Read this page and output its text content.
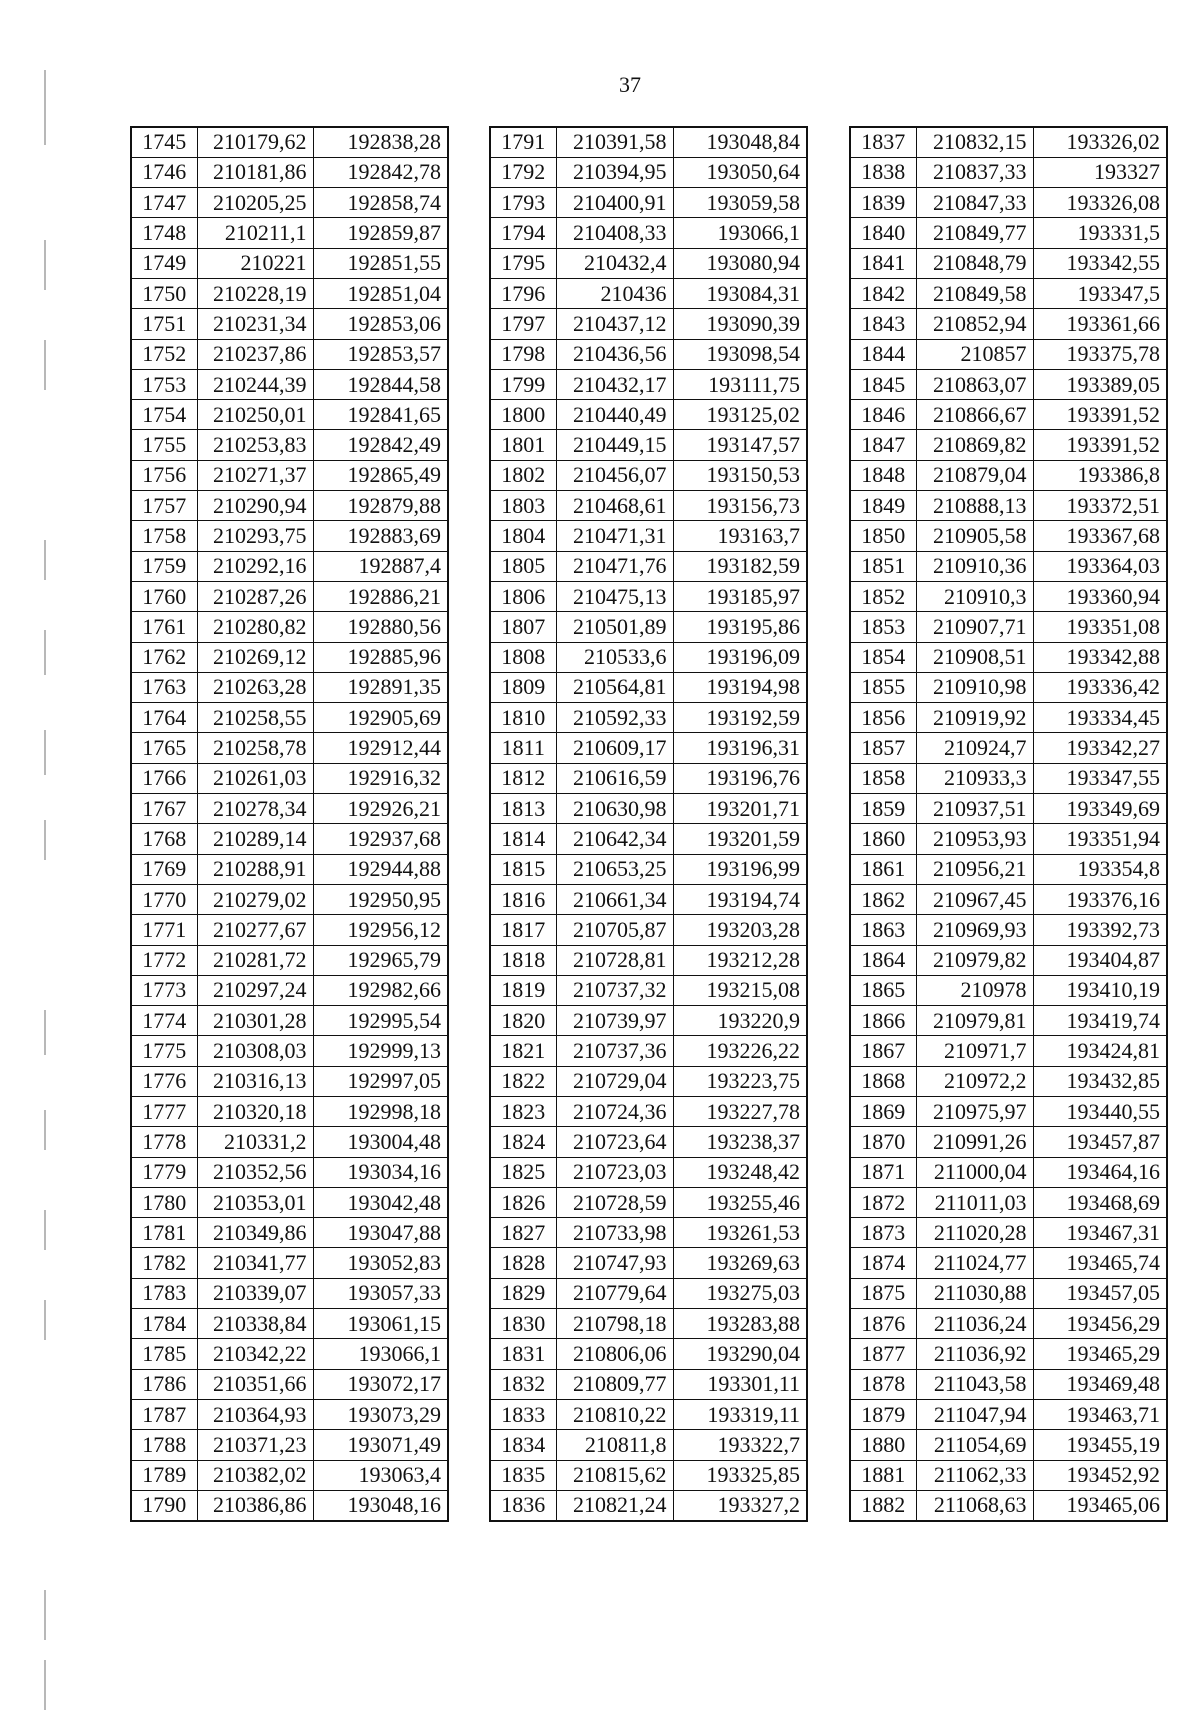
37
1745	210179,62	192838,28
1746	210181,86	192842,78
1747	210205,25	192858,74
1748	210211,1	192859,87
1749	210221	192851,55
1750	210228,19	192851,04
1751	210231,34	192853,06
1752	210237,86	192853,57
1753	210244,39	192844,58
1754	210250,01	192841,65
1755	210253,83	192842,49
1756	210271,37	192865,49
1757	210290,94	192879,88
1758	210293,75	192883,69
1759	210292,16	192887,4
1760	210287,26	192886,21
1761	210280,82	192880,56
1762	210269,12	192885,96
1763	210263,28	192891,35
1764	210258,55	192905,69
1765	210258,78	192912,44
1766	210261,03	192916,32
1767	210278,34	192926,21
1768	210289,14	192937,68
1769	210288,91	192944,88
1770	210279,02	192950,95
1771	210277,67	192956,12
1772	210281,72	192965,79
1773	210297,24	192982,66
1774	210301,28	192995,54
1775	210308,03	192999,13
1776	210316,13	192997,05
1777	210320,18	192998,18
1778	210331,2	193004,48
1779	210352,56	193034,16
1780	210353,01	193042,48
1781	210349,86	193047,88
1782	210341,77	193052,83
1783	210339,07	193057,33
1784	210338,84	193061,15
1785	210342,22	193066,1
1786	210351,66	193072,17
1787	210364,93	193073,29
1788	210371,23	193071,49
1789	210382,02	193063,4
1790	210386,86	193048,16
1791	210391,58	193048,84
1792	210394,95	193050,64
1793	210400,91	193059,58
1794	210408,33	193066,1
1795	210432,4	193080,94
1796	210436	193084,31
1797	210437,12	193090,39
1798	210436,56	193098,54
1799	210432,17	193111,75
1800	210440,49	193125,02
1801	210449,15	193147,57
1802	210456,07	193150,53
1803	210468,61	193156,73
1804	210471,31	193163,7
1805	210471,76	193182,59
1806	210475,13	193185,97
1807	210501,89	193195,86
1808	210533,6	193196,09
1809	210564,81	193194,98
1810	210592,33	193192,59
1811	210609,17	193196,31
1812	210616,59	193196,76
1813	210630,98	193201,71
1814	210642,34	193201,59
1815	210653,25	193196,99
1816	210661,34	193194,74
1817	210705,87	193203,28
1818	210728,81	193212,28
1819	210737,32	193215,08
1820	210739,97	193220,9
1821	210737,36	193226,22
1822	210729,04	193223,75
1823	210724,36	193227,78
1824	210723,64	193238,37
1825	210723,03	193248,42
1826	210728,59	193255,46
1827	210733,98	193261,53
1828	210747,93	193269,63
1829	210779,64	193275,03
1830	210798,18	193283,88
1831	210806,06	193290,04
1832	210809,77	193301,11
1833	210810,22	193319,11
1834	210811,8	193322,7
1835	210815,62	193325,85
1836	210821,24	193327,2
1837	210832,15	193326,02
1838	210837,33	193327
1839	210847,33	193326,08
1840	210849,77	193331,5
1841	210848,79	193342,55
1842	210849,58	193347,5
1843	210852,94	193361,66
1844	210857	193375,78
1845	210863,07	193389,05
1846	210866,67	193391,52
1847	210869,82	193391,52
1848	210879,04	193386,8
1849	210888,13	193372,51
1850	210905,58	193367,68
1851	210910,36	193364,03
1852	210910,3	193360,94
1853	210907,71	193351,08
1854	210908,51	193342,88
1855	210910,98	193336,42
1856	210919,92	193334,45
1857	210924,7	193342,27
1858	210933,3	193347,55
1859	210937,51	193349,69
1860	210953,93	193351,94
1861	210956,21	193354,8
1862	210967,45	193376,16
1863	210969,93	193392,73
1864	210979,82	193404,87
1865	210978	193410,19
1866	210979,81	193419,74
1867	210971,7	193424,81
1868	210972,2	193432,85
1869	210975,97	193440,55
1870	210991,26	193457,87
1871	211000,04	193464,16
1872	211011,03	193468,69
1873	211020,28	193467,31
1874	211024,77	193465,74
1875	211030,88	193457,05
1876	211036,24	193456,29
1877	211036,92	193465,29
1878	211043,58	193469,48
1879	211047,94	193463,71
1880	211054,69	193455,19
1881	211062,33	193452,92
1882	211068,63	193465,06
